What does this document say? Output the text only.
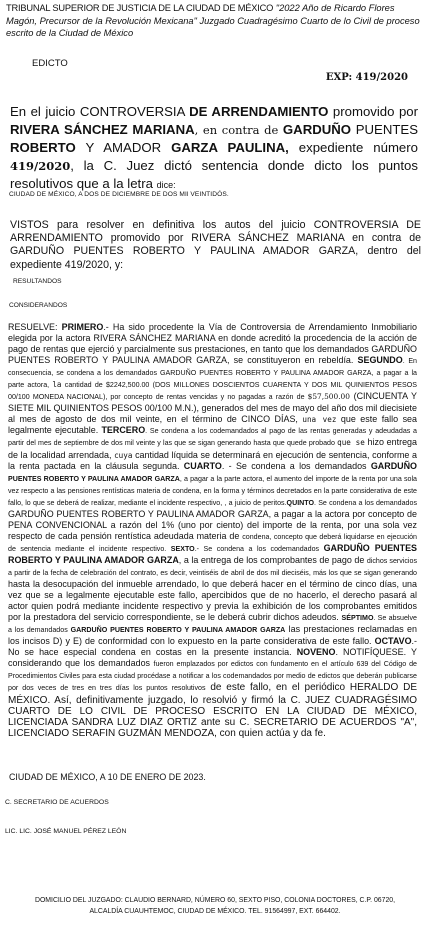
TRIBUNAL SUPERIOR DE JUSTICIA DE LA CIUDAD DE MÉXICO "2022 Año de Ricardo Flores Magón, Precursor de la Revolución Mexicana" Juzgado Cuadragésimo Cuarto de lo Civil de proceso escrito de la Ciudad de México
EDICTO
EXP: 419/2020
En el juicio CONTROVERSIA DE ARRENDAMIENTO promovido por RIVERA SÁNCHEZ MARIANA, en contra de GARDUÑO PUENTES ROBERTO Y AMADOR GARZA PAULINA, expediente número 419/2020, la C. Juez dictó sentencia donde dicto los puntos resolutivos que a la letra dice:
CIUDAD DE MÉXICO, A DOS DE DICIEMBRE DE DOS MIl VEINTIDÓS.
VISTOS para resolver en definitiva los autos del juicio CONTROVERSIA DE ARRENDAMIENTO promovido por RIVERA SÁNCHEZ MARIANA en contra de GARDUÑO PUENTES ROBERTO Y PAULINA AMADOR GARZA, dentro del expediente 419/2020, y:
RESULTANDOS
CONSIDERANDOS
RESUELVE: PRIMERO.- Ha sido procedente la Vía de Controversia de Arrendamiento Inmobiliario elegida por la actora RIVERA SÁNCHEZ MARIANA en donde acreditó la procedencia de la acción de pago de rentas que ejerció y parcialmente sus prestaciones, en tanto que los demandados GARDUÑO PUENTES ROBERTO Y PAULINA AMADOR GARZA, se constituyeron en rebeldía. SEGUNDO. En consecuencia, se condena a los demandados GARDUÑO PUENTES ROBERTO Y PAULINA AMADOR GARZA, a pagar a la parte actora, la cantidad de $2242,500.00 (DOS MILLONES DOSCIENTOS CUARENTA Y DOS MIL QUINIENTOS PESOS 00/100 MONEDA NACIONAL), por concepto de rentas vencidas y no pagadas a razón de $57,500.00 (CINCUENTA Y SIETE MIL QUINIENTOS PESOS 00/100 M.N.), generados del mes de mayo del año dos mil diecisiete al mes de agosto de dos mil veinte, en el término de CINCO DÍAS, una vez que este fallo sea legalmente ejecutable. TERCERO. Se condena a los codemandados al pago de las rentas generadas y adeudadas a partir del mes de septiembre de dos mil veinte y las que se sigan generando hasta que quede probado que se hizo entrega de la localidad arrendada, cuya cantidad líquida se determinará en ejecución de sentencia, conforme a la renta pactada en la cláusula segunda. CUARTO. - Se condena a los demandados GARDUÑO PUENTES ROBERTO Y PAULINA AMADOR GARZA, a pagar a la parte actora, el aumento del importe de la renta por una sola vez respecto a las pensiones rentísticas materia de condena, en la forma y términos decretados en la parte considerativa de este fallo, lo que se deberá de realizar, mediante el incidente respectivo, , a juicio de peritos.QUINTO. Se condena a los demandados GARDUÑO PUENTES ROBERTO Y PAULINA AMADOR GARZA, a pagar a la actora por concepto de PENA CONVENCIONAL a razón del 1% (uno por ciento) del importe de la renta, por una sola vez respecto de cada pensión rentística adeudada materia de condena, concepto que deberá liquidarse en ejecución de sentencia mediante el incidente respectivo. SEXTO.- Se condena a los codemandados GARDUÑO PUENTES ROBERTO Y PAULINA AMADOR GARZA, a la entrega de los comprobantes de pago de dichos servicios a partir de la fecha de celebración del contrato, es decir, veintiséis de abril de dos mil dieciséis, más los que se sigan generando hasta la desocupación del inmueble arrendado, lo que deberá hacer en el término de cinco días, una vez que se a legalmente ejecutable este fallo, apercibidos que de no hacerlo, el derecho pasará al actor quien podrá mediante incidente respectivo y previa la exhibición de los comprobantes emitidos por la prestadora del servicio correspondiente, se le deberá cubrir dichos adeudos. SÉPTIMO. Se absuelve a los demandados GARDUÑO PUENTES ROBERTO Y PAULINA AMADOR GARZA las prestaciones reclamadas en los incisos D) y E) de conformidad con lo expuesto en la parte considerativa de este fallo. OCTAVO.- No se hace especial condena en costas en la presente instancia. NOVENO. NOTIFÍQUESE. Y considerando que los demandados fueron emplazados por edictos con fundamento en el artículo 639 del Código de Procedimientos Civiles para esta ciudad procédase a notificar a los codemandados por medio de edictos que deberán publicarse por dos veces de tres en tres días los puntos resolutivos de este fallo, en el periódico HERALDO DE MÉXICO. Así, definitivamente juzgado, lo resolvió y firmó la C. JUEZ CUADRAGÉSIMO CUARTO DE LO CIVIL DE PROCESO ESCRITO EN LA CIUDAD DE MÉXICO, LICENCIADA SANDRA LUZ DIAZ ORTIZ ante su C. SECRETARIO DE ACUERDOS "A", LICENCIADO SERAFIN GUZMÁN MENDOZA, con quien actúa y da fe.
CIUDAD DE MÉXICO, A 10 DE ENERO DE 2023.
C. SECRETARIO DE ACUERDOS
LIC. LIC. JOSÉ MANUEL PÉREZ LEÓN
DOMICILIO DEL JUZGADO: CLAUDIO BERNARD, NÚMERO 60, SEXTO PISO, COLONIA DOCTORES, C.P. 06720, ALCALDÍA CUAUHTEMOC, CIUDAD DE MÉXICO. TEL. 91564997, EXT. 664402.
